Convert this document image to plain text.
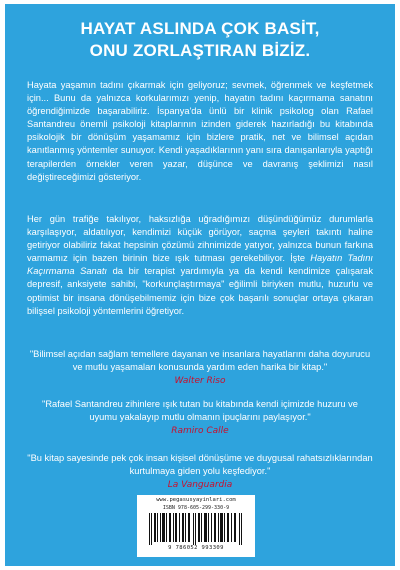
HAYAT ASLINDA ÇOK BASİT,
ONU ZORLAŞTIRAN BİZİZ.

Hayata yaşamın tadını çıkarmak için geliyoruz; sevmek, öğrenmek ve keşfetmek için... Bunu da yalnızca korkularımızı yenip, hayatın tadını kaçırmama sanatını öğrendiğimizde başarabiliriz. İspanya'da ünlü bir klinik psikolog olan Rafael Santandreu önemli psikoloji kitaplarının izinden giderek hazırladığı bu kitabında psikolojik bir dönüşüm yaşamamız için bizlere pratik, net ve bilimsel açıdan kanıtlanmış yöntemler sunuyor. Kendi yaşadıklarının yanı sıra danışanlarıyla yaptığı terapilerden örnekler veren yazar, düşünce ve davranış şeklimizi nasıl değiştireceğimizi gösteriyor.

Her gün trafiğe takılıyor, haksızlığa uğradığımızı düşündüğümüz durumlarla karşılaşıyor, aldatılıyor, kendimizi küçük görüyor, saçma şeyleri takıntı haline getiriyor olabiliriz fakat hepsinin çözümü zihnimizde yatıyor, yalnızca bunun farkına varmamız için bazen birinin bize ışık tutması gerekebiliyor. İşte Hayatın Tadını Kaçırmama Sanatı da bir terapist yardımıyla ya da kendi kendimize çalışarak depresif, anksiyete sahibi, "korkunçlaştırmaya" eğilimli biriyken mutlu, huzurlu ve optimist bir insana dönüşebilmemiz için bize çok başarılı sonuçlar ortaya çıkaran bilişsel psikoloji yöntemlerini öğretiyor.

"Bilimsel açıdan sağlam temellere dayanan ve insanlara hayatlarını daha doyurucu ve mutlu yaşamaları konusunda yardım eden harika bir kitap."
Walter Riso
"Rafael Santandreu zihinlere ışık tutan bu kitabında kendi içimizde huzuru ve uyumu yakalayıp mutlu olmanın ipuçlarını paylaşıyor."
Ramiro Calle
"Bu kitap sayesinde pek çok insan kişisel dönüşüme ve duygusal rahatsızlıklarından kurtulmaya giden yolu keşfediyor."
La Vanguardia
www.pegasusyayinlari.com
ISBN 978-605-299-330-9
9 786052 993309
